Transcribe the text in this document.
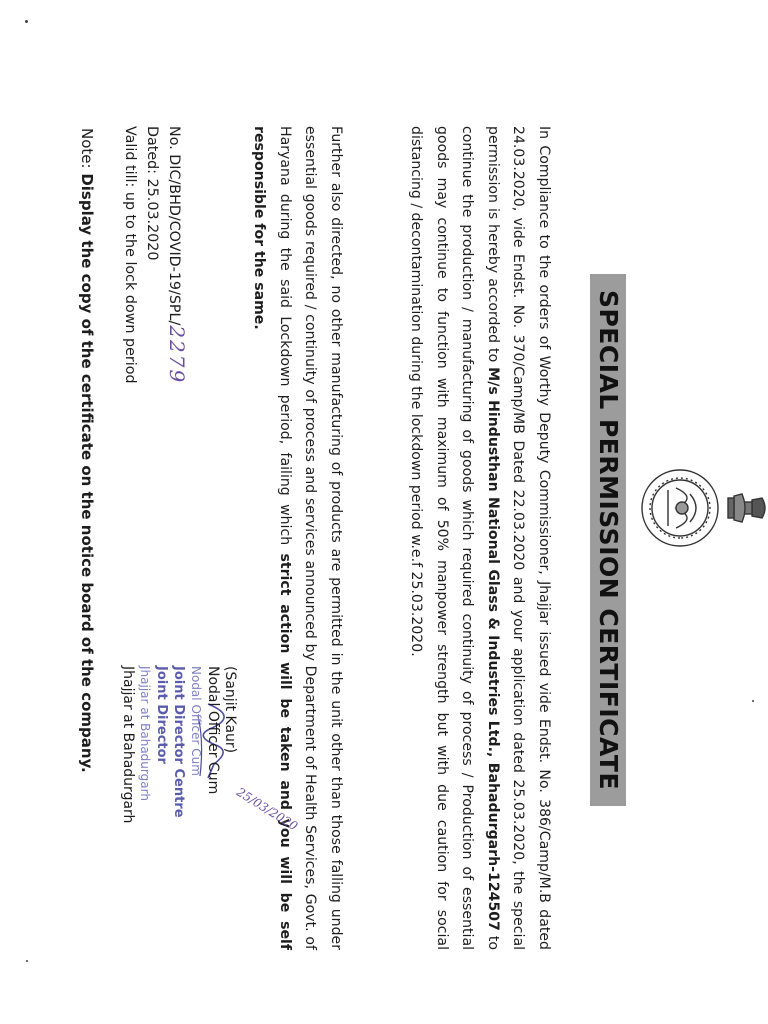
SPECIAL PERMISSION CERTIFICATE
In Compliance to the orders of Worthy Deputy Commissioner, Jhajjar issued vide Endst. No. 386/Camp/M.B dated 24.03.2020, vide Endst. No. 370/Camp/MB Dated 22.03.2020 and your application dated 25.03.2020, the special permission is hereby accorded to M/s Hindusthan National Glass & Industries Ltd., Bahadurgarh-124507 to continue the production / manufacturing of goods which required continuity of process / Production of essential goods may continue to function with maximum of 50% manpower strength but with due caution for social distancing / decontamination during the lockdown period w.e.f 25.03.2020.
Further also directed, no other manufacturing of products are permitted in the unit other than those falling under essential goods required / continuity of process and services announced by Department of Health Services, Govt. of Haryana during the said Lockdown period, failing which strict action will be taken and you will be self responsible for the same.
(Sanjit Kaur)
Nodal Officer Cum
Nodal Officer Cum
Joint Director Centre
Joint Director
Jhajjar at Bahadurgarh
Jhajjar at Bahadurgarh	25/03/2020
No. DIC/BHD/COVID-19/SPL/2279
Dated: 25.03.2020
Valid till: up to the lock down period
Note: Display the copy of the certificate on the notice board of the company.
